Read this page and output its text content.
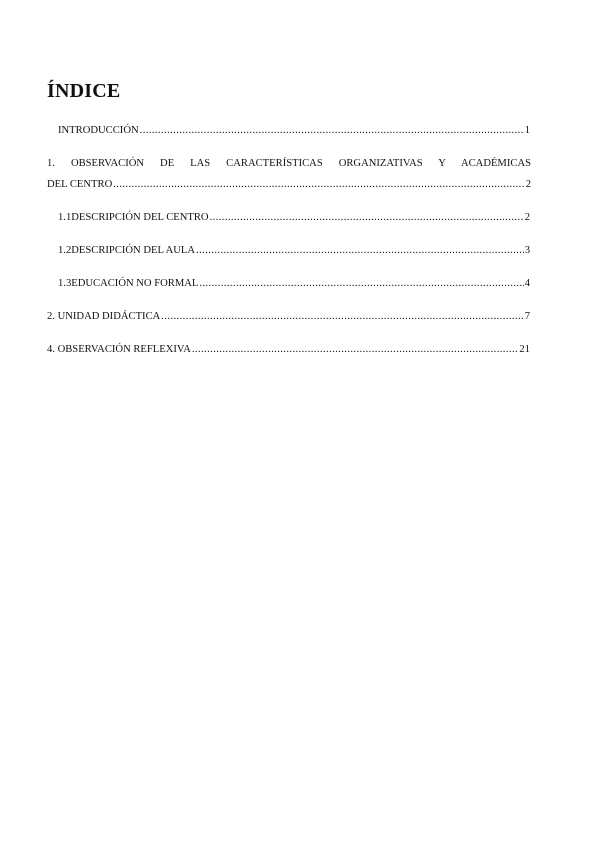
ÍNDICE
INTRODUCCIÓN .....	1
1. OBSERVACIÓN DE LAS CARACTERÍSTICAS ORGANIZATIVAS Y ACADÉMICAS
DEL CENTRO .....	2
1.1 DESCRIPCIÓN DEL CENTRO .....	2
1.2 DESCRIPCIÓN DEL AULA .....	3
1.3 EDUCACIÓN NO FORMAL .....	4
2. UNIDAD DIDÁCTICA .....	7
4. OBSERVACIÓN REFLEXIVA .....	21
